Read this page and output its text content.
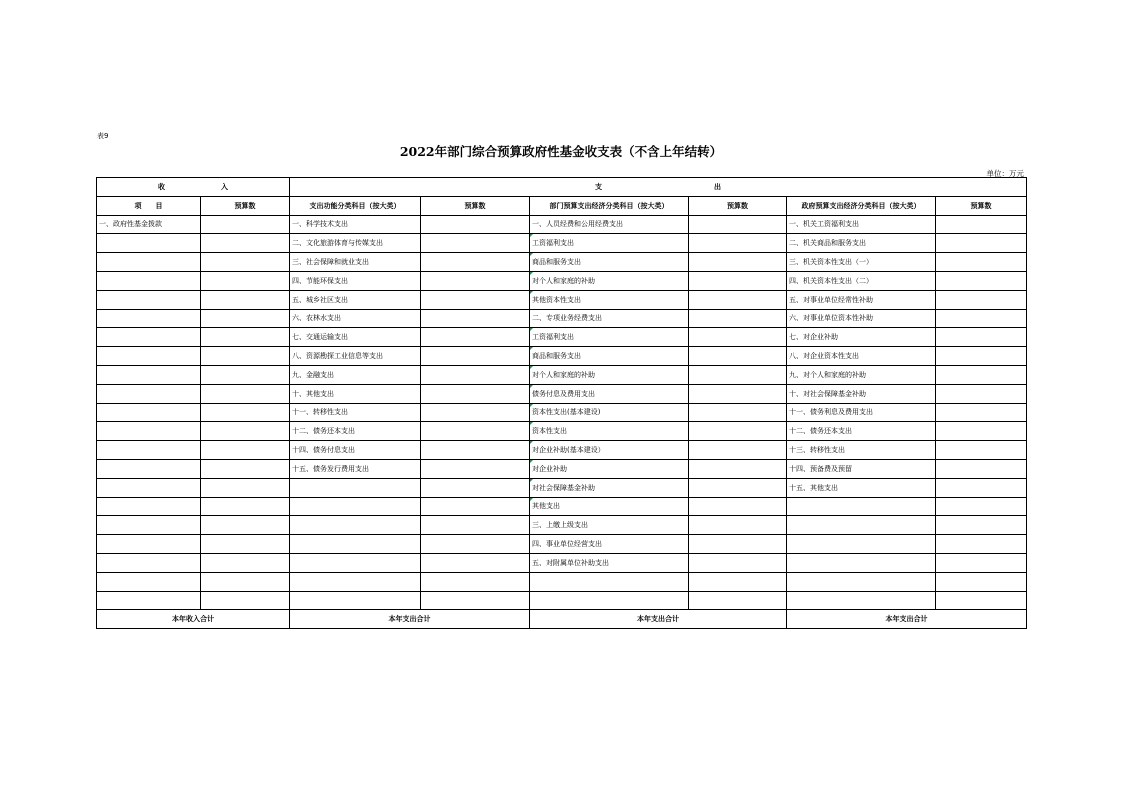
表9
2022年部门综合预算政府性基金收支表（不含上年结转）
单位：万元
收　　　　　　　　入		支　　　　　　　　　　　　　　　　出					
项　　目	预算数	支出功能分类科目（按大类）	预算数	部门预算支出经济分类科目（按大类）	预算数	政府预算支出经济分类科目（按大类）	预算数
一、政府性基金拨款		一、科学技术支出		一、人员经费和公用经费支出		一、机关工资福利支出	
		二、文化旅游体育与传媒支出		工资福利支出		二、机关商品和服务支出	
		三、社会保障和就业支出		商品和服务支出		三、机关资本性支出（一）	
		四、节能环保支出		对个人和家庭的补助		四、机关资本性支出（二）	
		五、城乡社区支出		其他资本性支出		五、对事业单位经常性补助	
		六、农林水支出		二、专项业务经费支出		六、对事业单位资本性补助	
		七、交通运输支出		工资福利支出		七、对企业补助	
		八、资源勘探工业信息等支出		商品和服务支出		八、对企业资本性支出	
		九、金融支出		对个人和家庭的补助		九、对个人和家庭的补助	
		十、其他支出		债务付息及费用支出		十、对社会保障基金补助	
		十一、转移性支出		资本性支出(基本建设)		十一、债务利息及费用支出	
		十二、债务还本支出		资本性支出		十二、债务还本支出	
		十四、债务付息支出		对企业补助(基本建设）		十三、转移性支出	
		十五、债务发行费用支出		对企业补助		十四、预备费及预留	
				对社会保障基金补助		十五、其他支出	
				其他支出			
				三、上缴上级支出			
				四、事业单位经营支出			
				五、对附属单位补助支出			

本年收入合计		本年支出合计		本年支出合计		本年支出合计	
